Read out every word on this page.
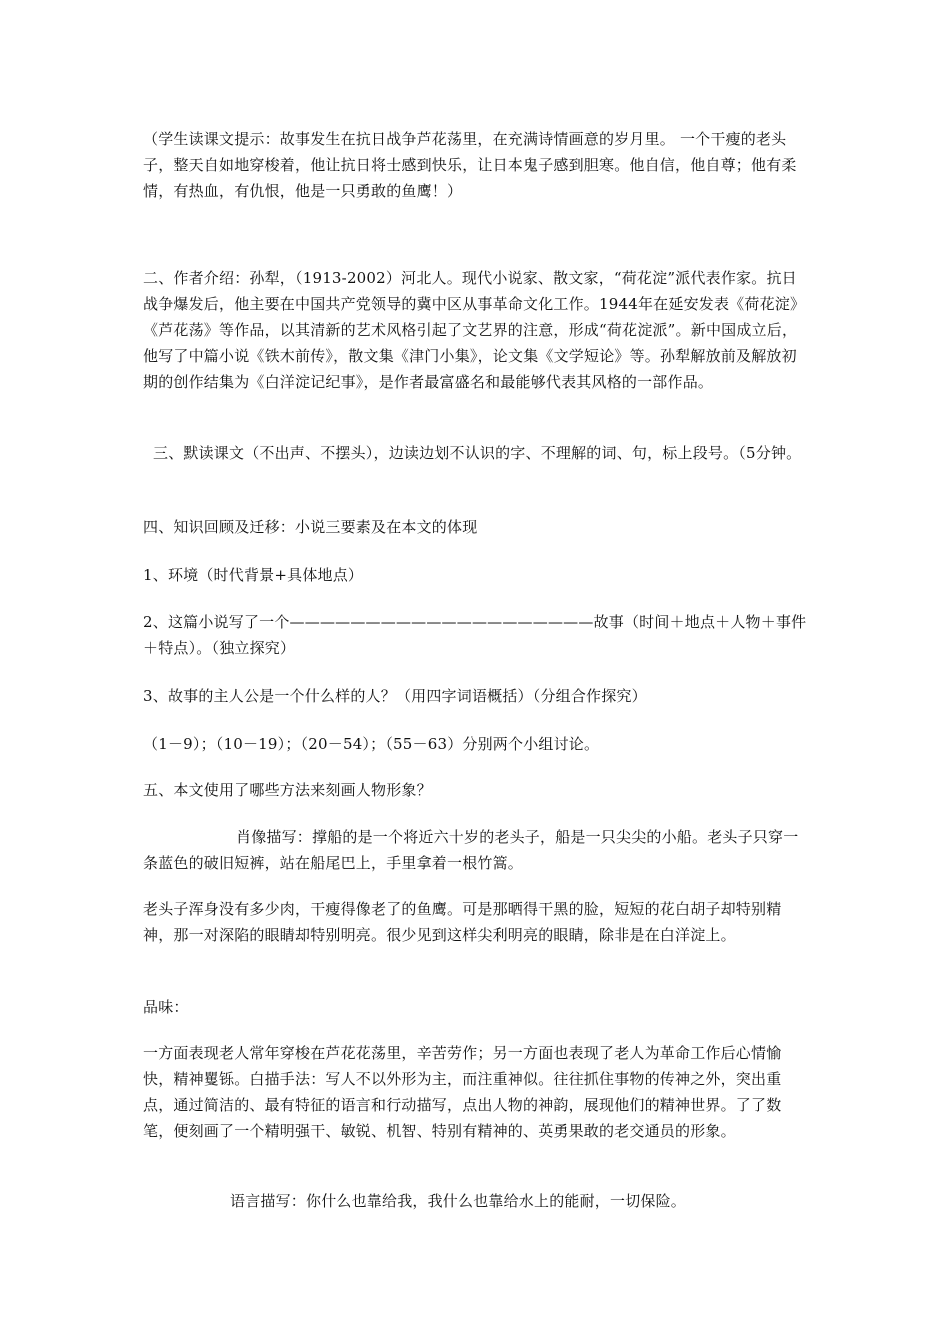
（学生读课文提示：故事发生在抗日战争芦花荡里，在充满诗情画意的岁月里。 一个干瘦的老头子，整天自如地穿梭着，他让抗日将士感到快乐，让日本鬼子感到胆寒。他自信，他自尊；他有柔情，有热血，有仇恨，他是一只勇敢的鱼鹰！）
二、作者介绍：孙犁，（1913-2002）河北人。现代小说家、散文家，“荷花淀”派代表作家。抗日战争爆发后，他主要在中国共产党领导的冀中区从事革命文化工作。1944年在延安发表《荷花淀》《芦花荡》等作品，以其清新的艺术风格引起了文艺界的注意，形成“荷花淀派”。新中国成立后，他写了中篇小说《铁木前传》，散文集《津门小集》，论文集《文学短论》等。孙犁解放前及解放初期的创作结集为《白洋淀记纪事》，是作者最富盛名和最能够代表其风格的一部作品。
三、默读课文（不出声、不摆头），边读边划不认识的字、不理解的词、句，标上段号。（5分钟。
四、知识回顾及迁移：小说三要素及在本文的体现
1、环境（时代背景+具体地点）
2、这篇小说写了一个————————————————————故事（时间＋地点＋人物＋事件＋特点）。（独立探究）
3、故事的主人公是一个什么样的人？（用四字词语概括）（分组合作探究）
（1－9）；（10－19）；（20－54）；（55－63）分别两个小组讨论。
五、本文使用了哪些方法来刻画人物形象？
肖像描写：撑船的是一个将近六十岁的老头子，船是一只尖尖的小船。老头子只穿一条蓝色的破旧短裤，站在船尾巴上，手里拿着一根竹篙。
老头子浑身没有多少肉，干瘦得像老了的鱼鹰。可是那晒得干黑的脸，短短的花白胡子却特别精神，那一对深陷的眼睛却特别明亮。很少见到这样尖利明亮的眼睛，除非是在白洋淀上。
品味：
一方面表现老人常年穿梭在芦花花荡里，辛苦劳作；另一方面也表现了老人为革命工作后心情愉快，精神矍铄。白描手法：写人不以外形为主，而注重神似。往往抓住事物的传神之外，突出重点，通过简洁的、最有特征的语言和行动描写，点出人物的神韵，展现他们的精神世界。了了数笔，便刻画了一个精明强干、敏锐、机智、特别有精神的、英勇果敢的老交通员的形象。
语言描写：你什么也靠给我，我什么也靠给水上的能耐，一切保险。
